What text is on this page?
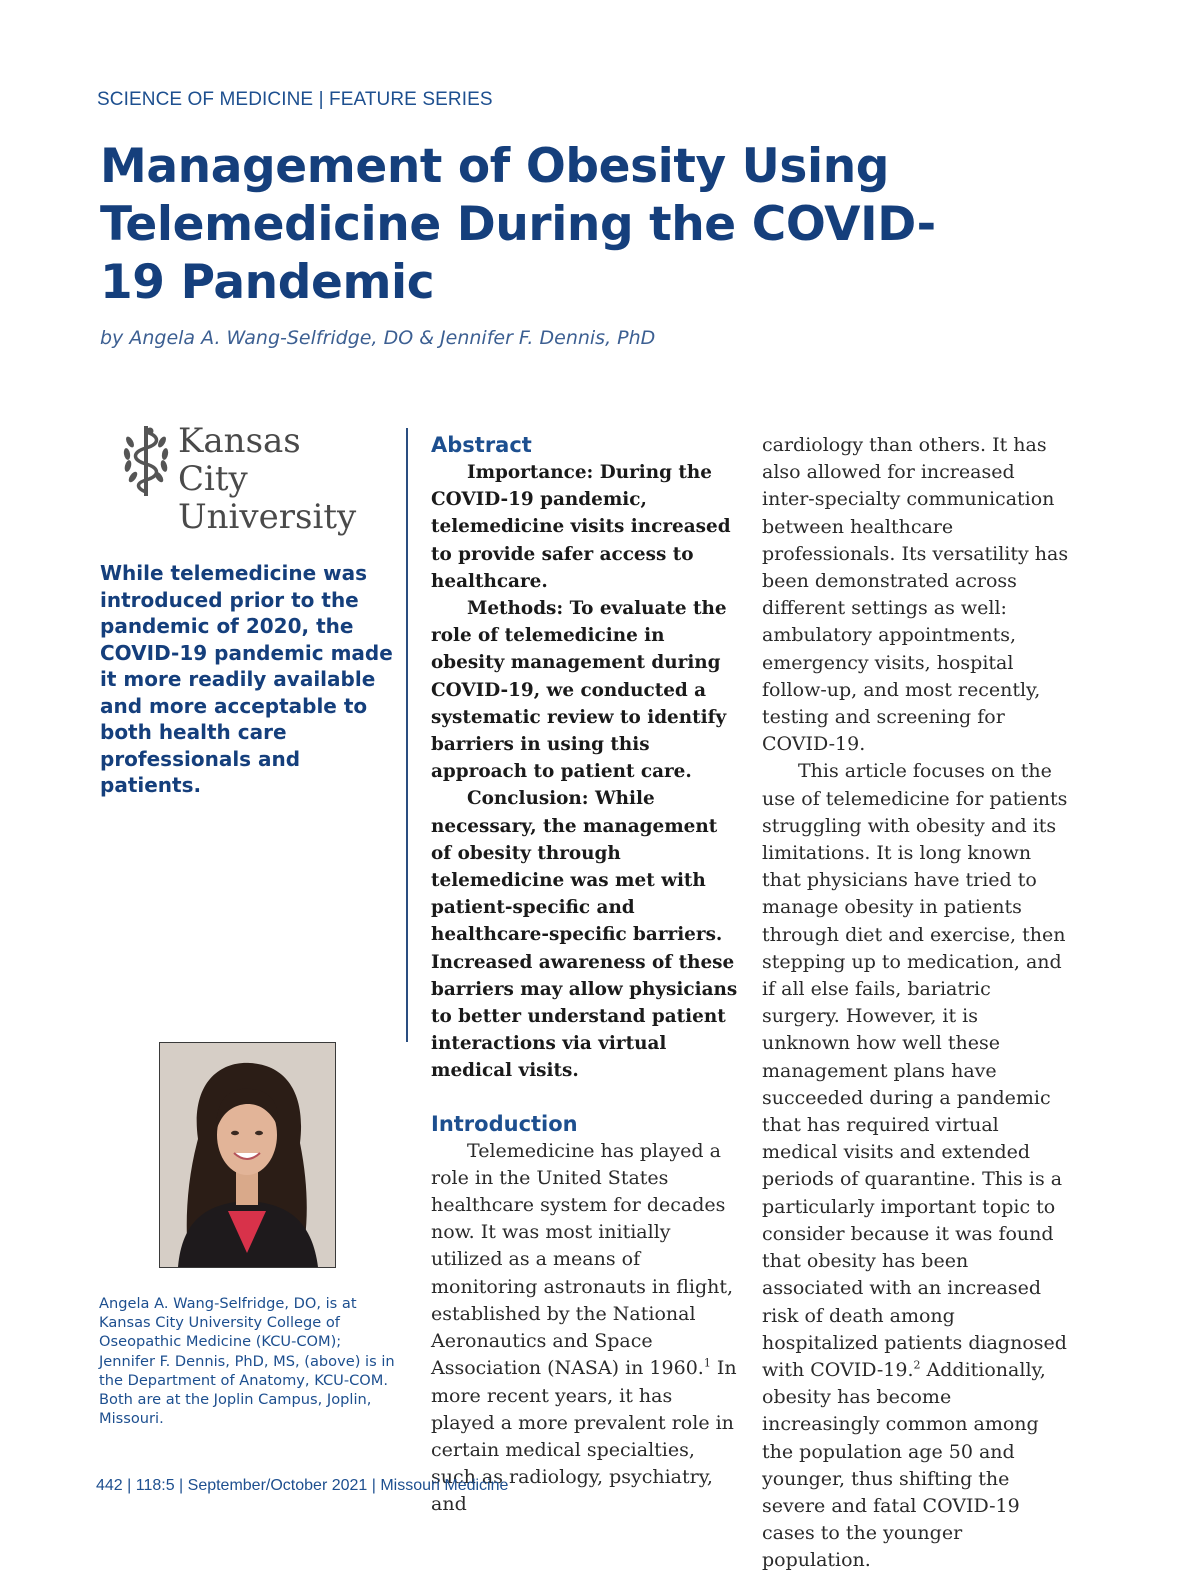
SCIENCE OF MEDICINE | FEATURE SERIES
Management of Obesity Using Telemedicine During the COVID-19 Pandemic
by Angela A. Wang-Selfridge, DO & Jennifer F. Dennis, PhD
Kansas City
University

While telemedicine was introduced prior to the pandemic of 2020, the COVID-19 pandemic made it more readily available and more acceptable to both health care professionals and patients.

Angela A. Wang-Selfridge, DO, is at Kansas City University College of Oseopathic Medicine (KCU-COM); Jennifer F. Dennis, PhD, MS, (above) is in the Department of Anatomy, KCU-COM. Both are at the Joplin Campus, Joplin, Missouri.

Abstract

Importance: During the COVID-19 pandemic, telemedicine visits increased to provide safer access to healthcare.

Methods: To evaluate the role of telemedicine in obesity management during COVID-19, we conducted a systematic review to identify barriers in using this approach to patient care.

Conclusion: While necessary, the management of obesity through telemedicine was met with patient-specific and healthcare-specific barriers. Increased awareness of these barriers may allow physicians to better understand patient interactions via virtual medical visits.

Introduction

Telemedicine has played a role in the United States healthcare system for decades now. It was most initially utilized as a means of monitoring astronauts in flight, established by the National Aeronautics and Space Association (NASA) in 1960.$^1$ In more recent years, it has played a more prevalent role in certain medical specialties, such as radiology, psychiatry, and

cardiology than others. It has also allowed for increased inter-specialty communication between healthcare professionals. Its versatility has been demonstrated across different settings as well: ambulatory appointments, emergency visits, hospital follow-up, and most recently, testing and screening for COVID-19.

This article focuses on the use of telemedicine for patients struggling with obesity and its limitations. It is long known that physicians have tried to manage obesity in patients through diet and exercise, then stepping up to medication, and if all else fails, bariatric surgery. However, it is unknown how well these management plans have succeeded during a pandemic that has required virtual medical visits and extended periods of quarantine. This is a particularly important topic to consider because it was found that obesity has been associated with an increased risk of death among hospitalized patients diagnosed with COVID-19.$^2$ Additionally, obesity has become increasingly common among the population age 50 and younger, thus shifting the severe and fatal COVID-19 cases to the younger population.

442 | 118:5 | September/October 2021 | Missouri Medicine
